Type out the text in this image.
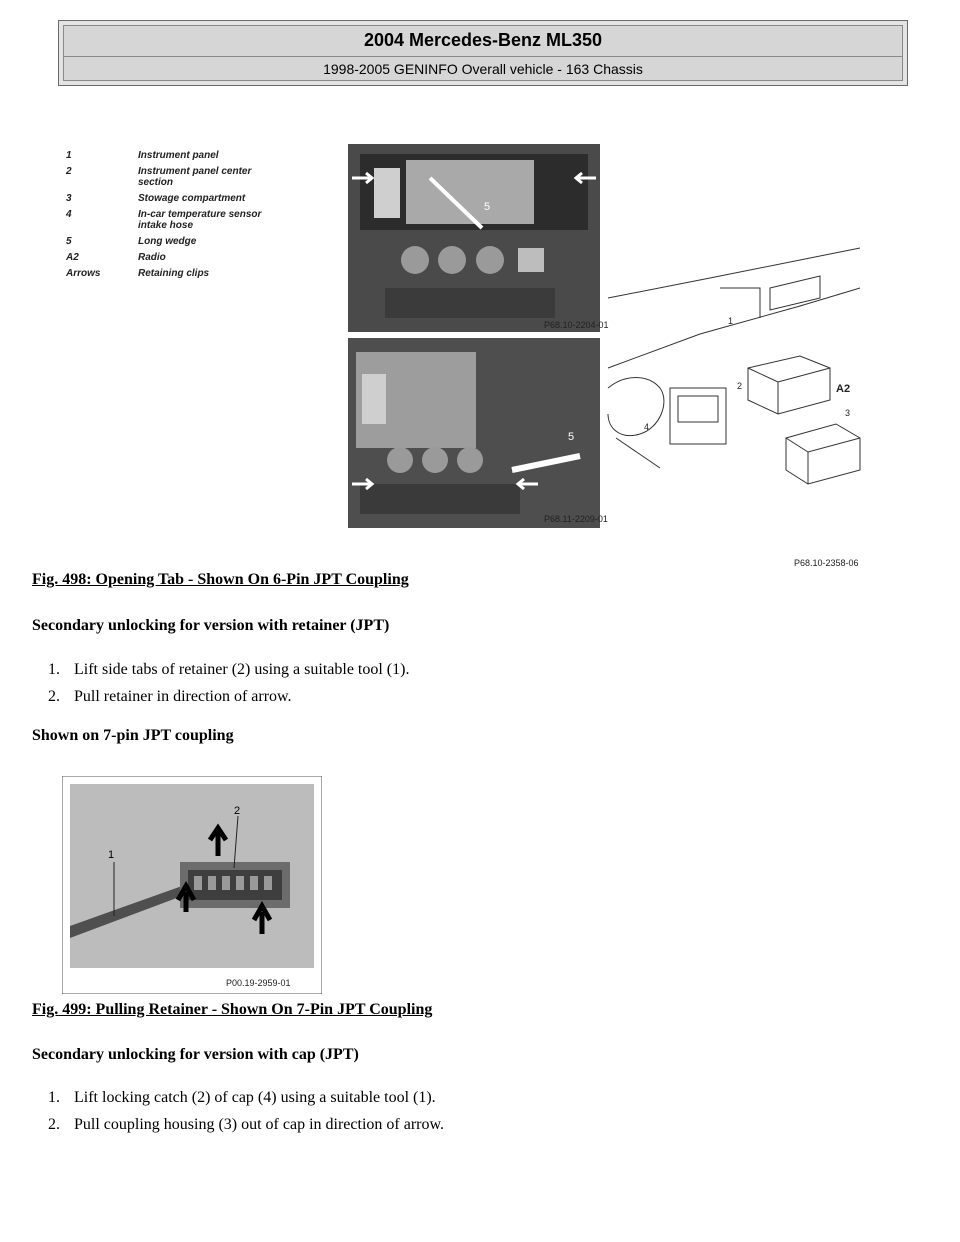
2004 Mercedes-Benz ML350
1998-2005 GENINFO Overall vehicle - 163 Chassis
1	Instrument panel
2	Instrument panel center section
3	Stowage compartment
4	In-car temperature sensor intake hose
5	Long wedge
A2	Radio
Arrows	Retaining clips
P68.10-2204-01
5
P68.11-2209-01
5
1
2
3
4
A2
P68.10-2358-06
Fig. 498: Opening Tab - Shown On 6-Pin JPT Coupling
Secondary unlocking for version with retainer (JPT)
1. Lift side tabs of retainer (2) using a suitable tool (1).
2. Pull retainer in direction of arrow.
Shown on 7-pin JPT coupling
1
2
P00.19-2959-01
Fig. 499: Pulling Retainer - Shown On 7-Pin JPT Coupling
Secondary unlocking for version with cap (JPT)
1. Lift locking catch (2) of cap (4) using a suitable tool (1).
2. Pull coupling housing (3) out of cap in direction of arrow.
